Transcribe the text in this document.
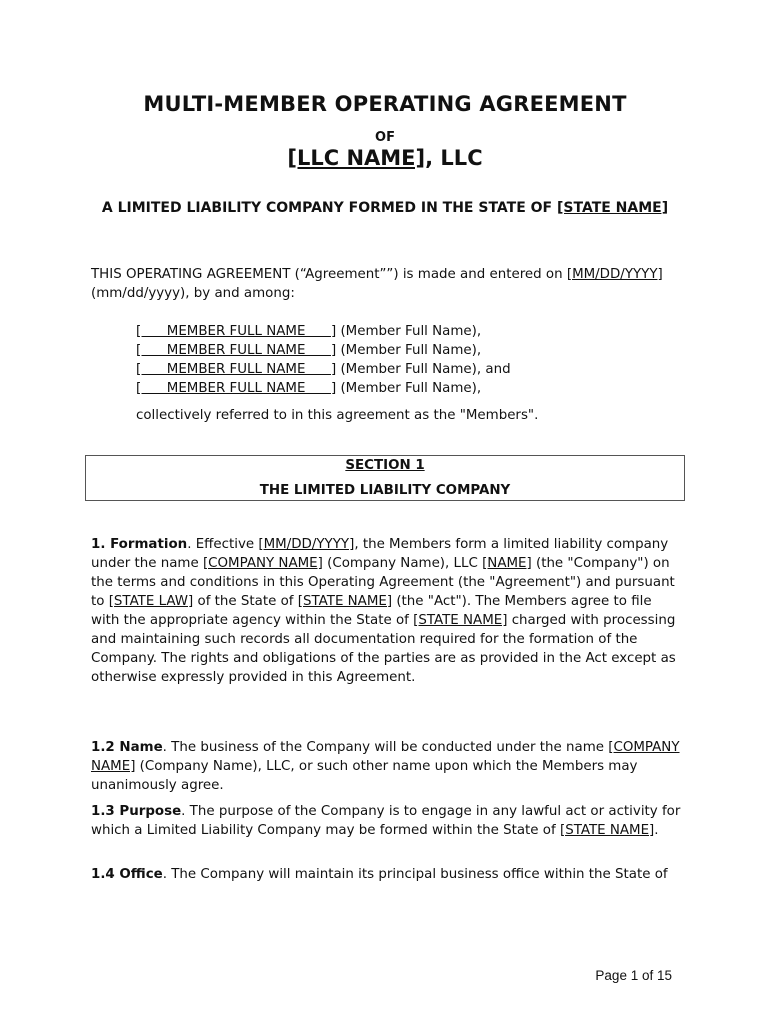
MULTI-MEMBER OPERATING AGREEMENT
OF
[LLC NAME], LLC
A LIMITED LIABILITY COMPANY FORMED IN THE STATE OF [STATE NAME]
THIS OPERATING AGREEMENT (“Agreement””) is made and entered on [MM/DD/YYYY] (mm/dd/yyyy), by and among:
[      MEMBER FULL NAME      ] (Member Full Name),
[      MEMBER FULL NAME      ] (Member Full Name),
[      MEMBER FULL NAME      ] (Member Full Name), and
[      MEMBER FULL NAME      ] (Member Full Name),
collectively referred to in this agreement as the "Members".
SECTION 1
THE LIMITED LIABILITY COMPANY
1. Formation. Effective [MM/DD/YYYY], the Members form a limited liability company under the name [COMPANY NAME] (Company Name), LLC [NAME] (the "Company") on the terms and conditions in this Operating Agreement (the "Agreement") and pursuant to [STATE LAW] of the State of [STATE NAME] (the "Act"). The Members agree to file with the appropriate agency within the State of [STATE NAME] charged with processing and maintaining such records all documentation required for the formation of the Company. The rights and obligations of the parties are as provided in the Act except as otherwise expressly provided in this Agreement.
1.2 Name. The business of the Company will be conducted under the name [COMPANY NAME] (Company Name), LLC, or such other name upon which the Members may unanimously agree.
1.3 Purpose. The purpose of the Company is to engage in any lawful act or activity for which a Limited Liability Company may be formed within the State of [STATE NAME].
1.4 Office. The Company will maintain its principal business office within the State of
Page 1 of 15
